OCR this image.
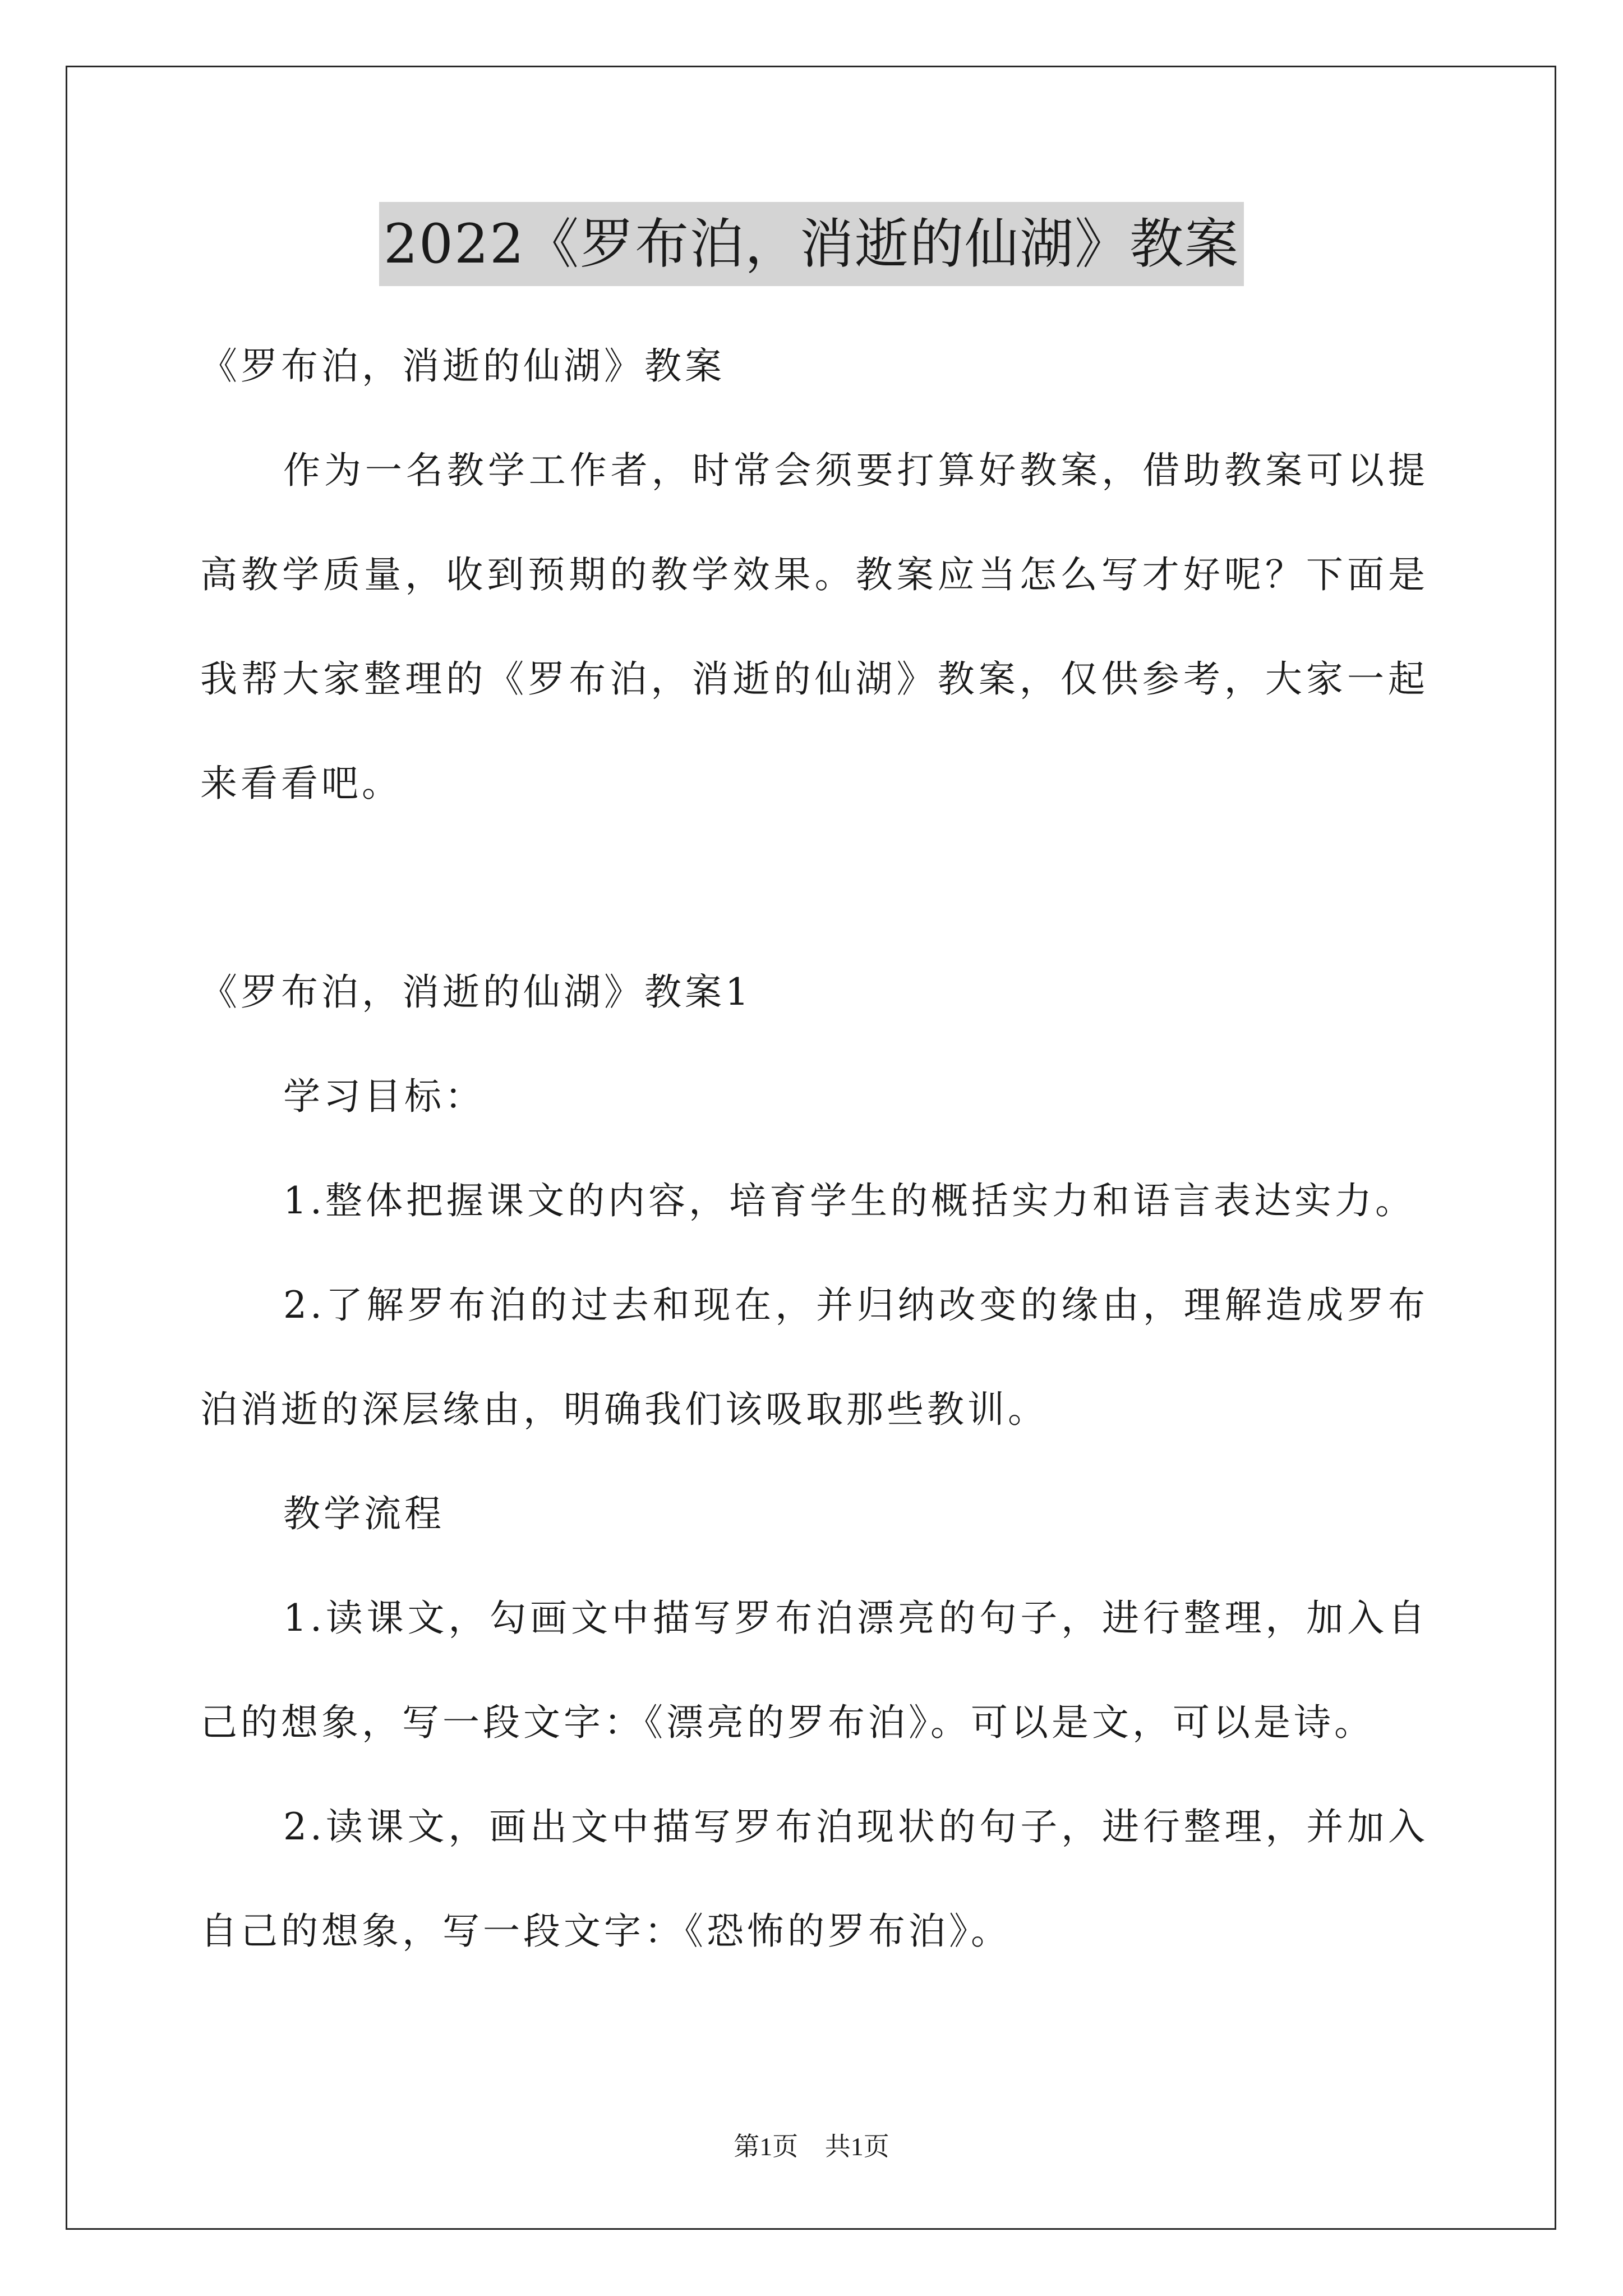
2022《罗布泊，消逝的仙湖》教案

《罗布泊，消逝的仙湖》教案

作为一名教学工作者，时常会须要打算好教案，借助教案可以提高教学质量，收到预期的教学效果。教案应当怎么写才好呢？下面是我帮大家整理的《罗布泊，消逝的仙湖》教案，仅供参考，大家一起来看看吧。

《罗布泊，消逝的仙湖》教案1

学习目标：

1.整体把握课文的内容，培育学生的概括实力和语言表达实力。

2.了解罗布泊的过去和现在，并归纳改变的缘由，理解造成罗布泊消逝的深层缘由，明确我们该吸取那些教训。

教学流程

1.读课文，勾画文中描写罗布泊漂亮的句子，进行整理，加入自己的想象，写一段文字：《漂亮的罗布泊》。可以是文，可以是诗。

2.读课文，画出文中描写罗布泊现状的句子，进行整理，并加入自己的想象，写一段文字：《恐怖的罗布泊》。

第1页 共1页
